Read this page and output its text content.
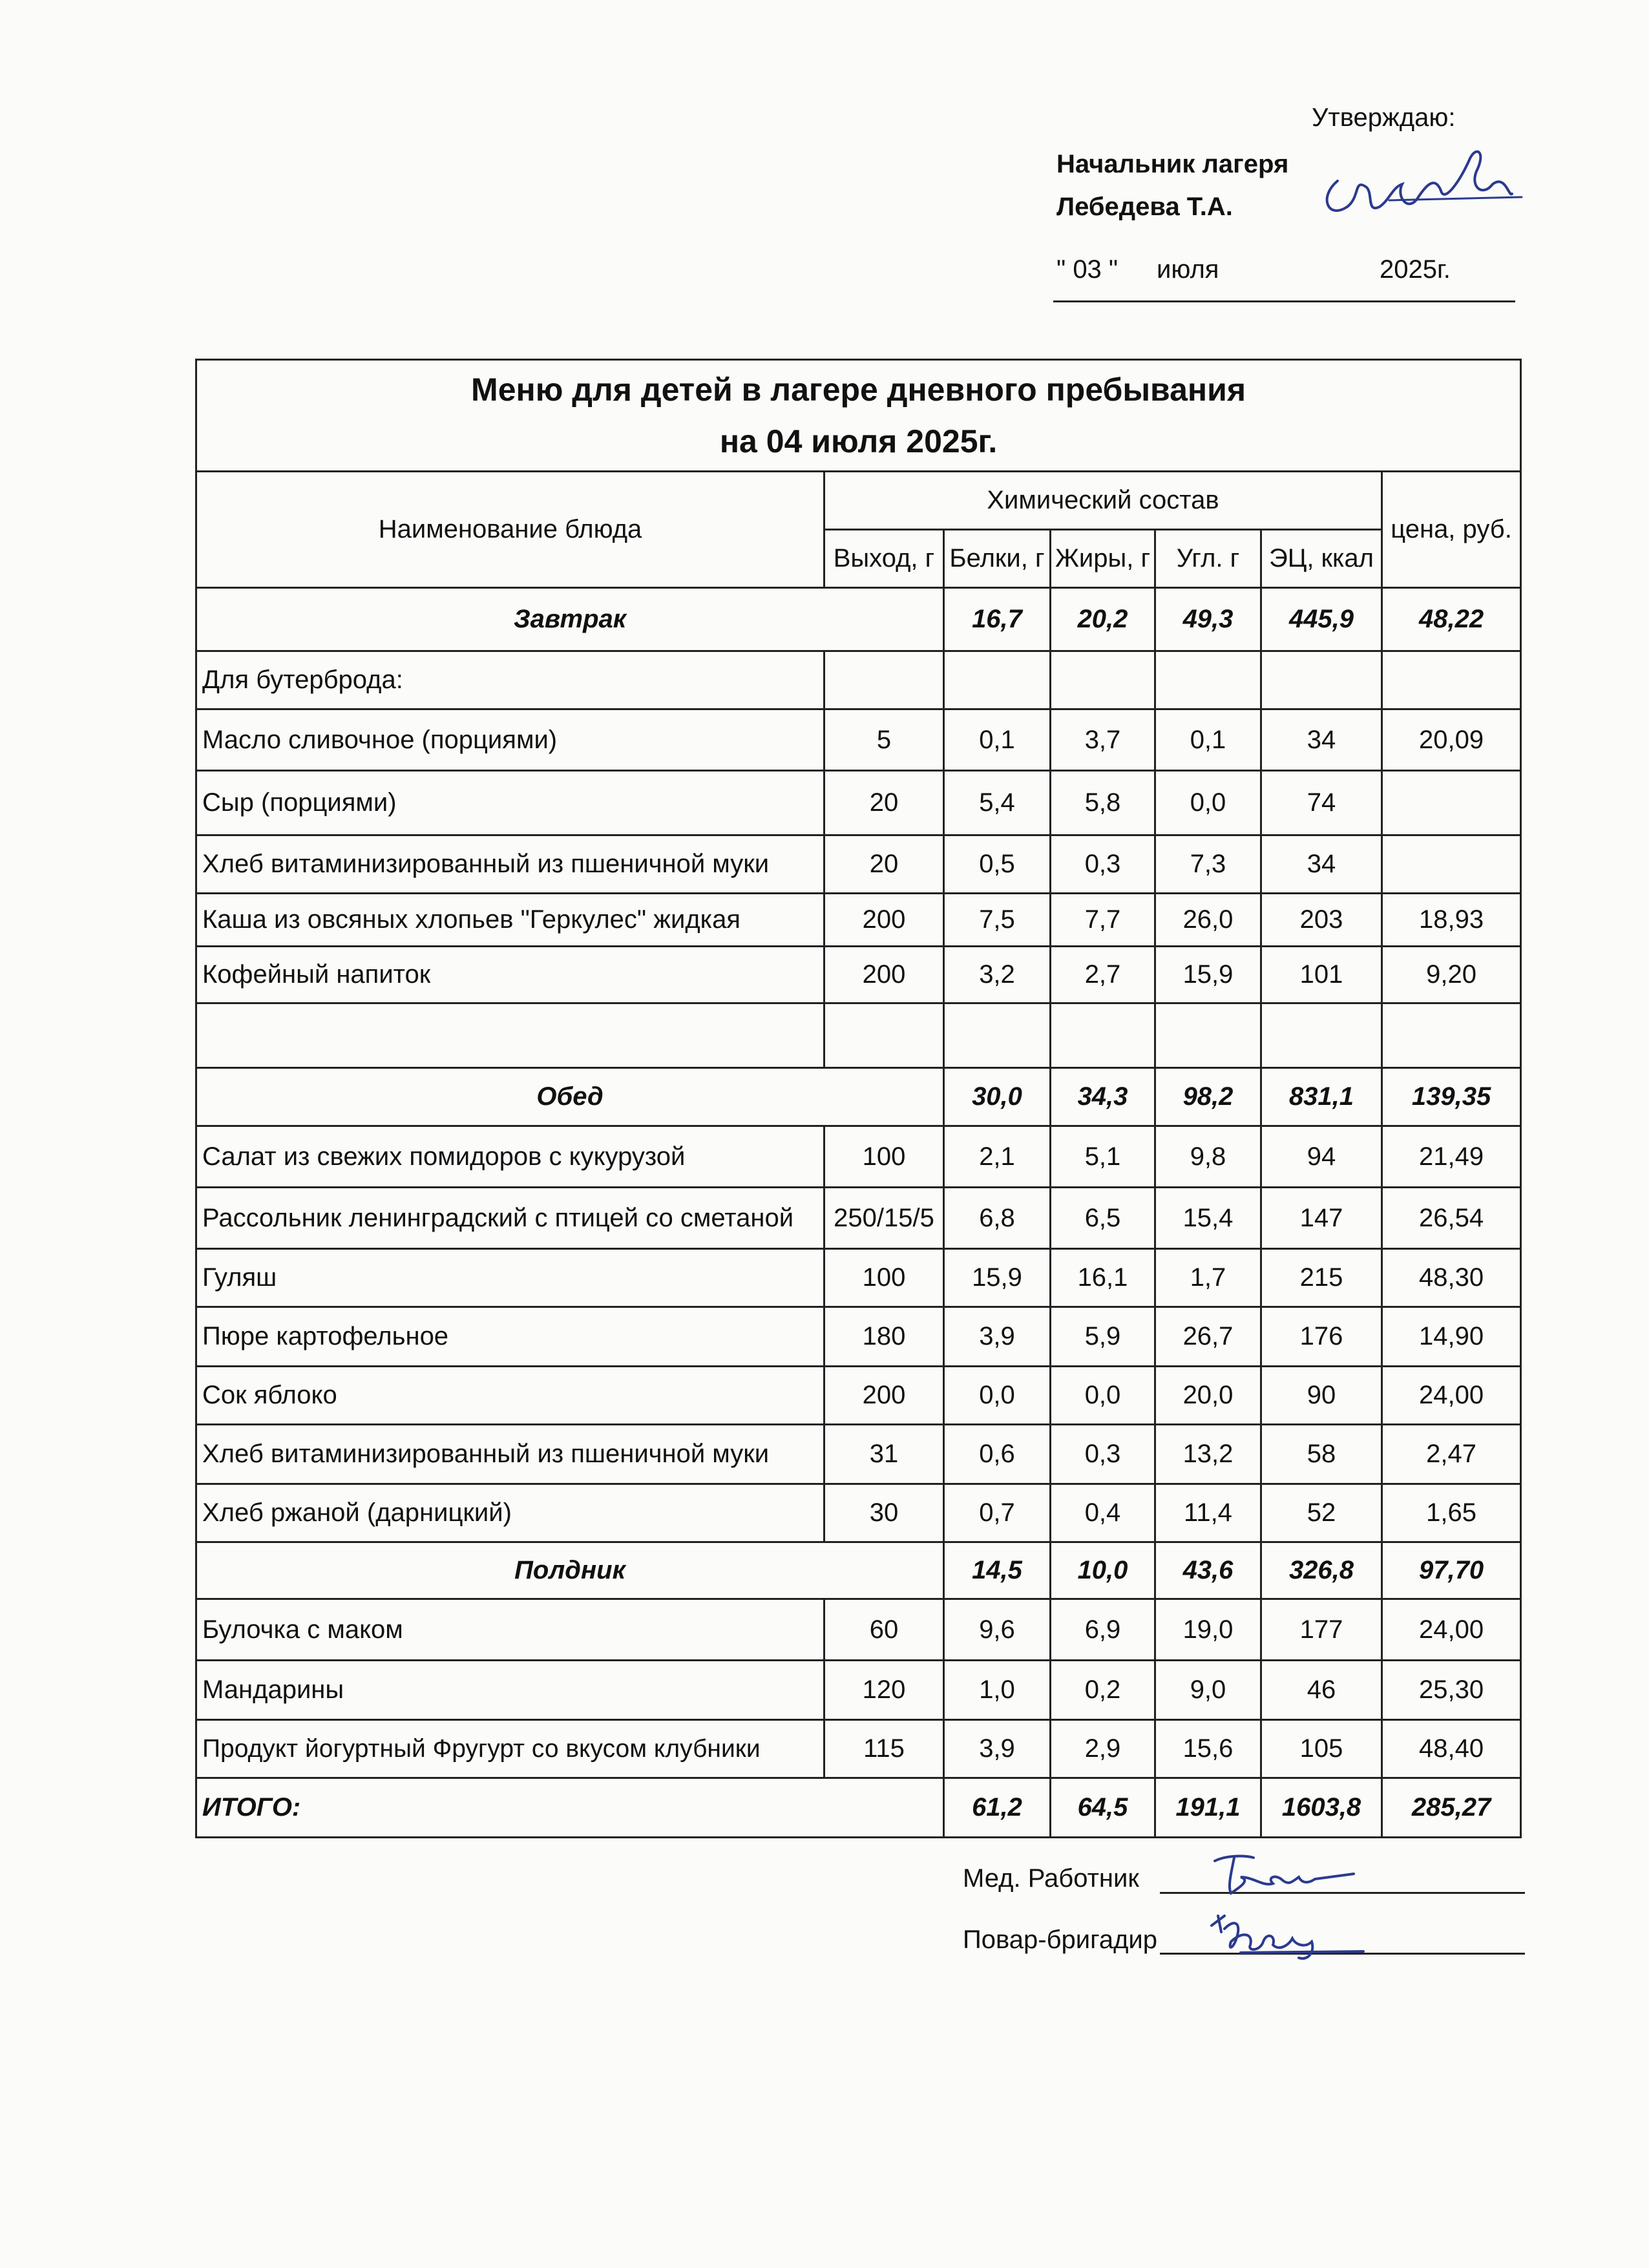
Утверждаю:
Начальник лагеря
Лебедева Т.А.
" 03 " июля	2025г.
Меню для детей в лагере дневного пребывания
на 04 июля 2025г.						

Наименование блюда	Химический состав					цена, руб.
	Выход, г	Белки, г	Жиры, г	Угл. г	ЭЦ, ккал	
Завтрак		16,7	20,2	49,3	445,9	48,22
Для бутерброда:						
Масло сливочное (порциями)	5	0,1	3,7	0,1	34	20,09
Сыр (порциями)	20	5,4	5,8	0,0	74	
Хлеб витаминизированный из пшеничной муки	20	0,5	0,3	7,3	34	
Каша из овсяных хлопьев "Геркулес" жидкая	200	7,5	7,7	26,0	203	18,93
Кофейный напиток	200	3,2	2,7	15,9	101	9,20

Обед		30,0	34,3	98,2	831,1	139,35
Салат из свежих помидоров с кукурузой	100	2,1	5,1	9,8	94	21,49
Рассольник ленинградский с птицей со сметаной	250/15/5	6,8	6,5	15,4	147	26,54
Гуляш	100	15,9	16,1	1,7	215	48,30
Пюре картофельное	180	3,9	5,9	26,7	176	14,90
Сок яблоко	200	0,0	0,0	20,0	90	24,00
Хлеб витаминизированный из пшеничной муки	31	0,6	0,3	13,2	58	2,47
Хлеб ржаной (дарницкий)	30	0,7	0,4	11,4	52	1,65
Полдник		14,5	10,0	43,6	326,8	97,70
Булочка с маком	60	9,6	6,9	19,0	177	24,00
Мандарины	120	1,0	0,2	9,0	46	25,30
Продукт йогуртный Фругурт со вкусом клубники	115	3,9	2,9	15,6	105	48,40
ИТОГО:		61,2	64,5	191,1	1603,8	285,27
Мед. Работник
Повар-бригадир
